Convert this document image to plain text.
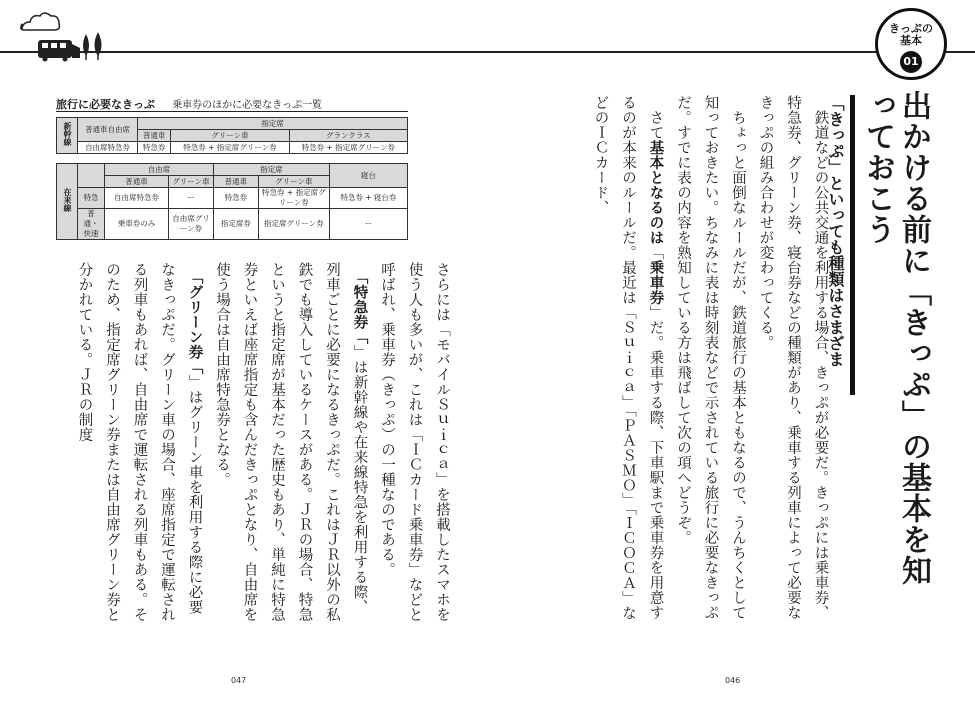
きっぷの
基本
01
出かける前に「きっぷ」の基本を知っておこう
「きっぷ」といっても種類はさまざま

　鉄道などの公共交通を利用する場合、きっぷが必要だ。きっぷには乗車券、特急券、グリーン券、寝台券などの種類があり、乗車する列車によって必要なきっぷの組み合わせが変わってくる。

　ちょっと面倒なルールだが、鉄道旅行の基本ともなるので、うんちくとして知っておきたい。ちなみに表は時刻表などで示されている旅行に必要なきっぷだ。すでに表の内容を熟知している方は飛ばして次の項へどうぞ。

　さて基本となるのは「乗車券」だ。乗車する際、下車駅まで乗車券を用意するのが本来のルールだ。最近は「Ｓｕｉｃａ」「ＰＡＳＭＯ」「ＩＣＯＣＡ」などのＩＣカード、

さらには「モバイルＳｕｉｃａ」を搭載したスマホを使う人も多いが、これは「ＩＣカード乗車券」などと呼ばれ、乗車券（きっぷ）の一種なのである。

　「特急券「」は新幹線や在来線特急を利用する際、列車ごとに必要になるきっぷだ。これはＪＲ以外の私鉄でも導入しているケースがある。ＪＲの場合、特急というと指定席が基本だった歴史もあり、単純に特急券といえば座席指定も含んだきっぷとなり、自由席を使う場合は自由席特急券となる。

　「グリーン券「」はグリーン車を利用する際に必要なきっぷだ。グリーン車の場合、座席指定で運転される列車もあれば、自由席で運転される列車もある。そのため、指定席グリーン券または自由席グリーン券と分かれている。ＪＲの制度

047	046
旅行に必要なきっぷ 乗車券のほかに必要なきっぷ一覧
新幹線	普通車自由席	指定席		
		普通車	グリーン車	グランクラス
	自由席特急券	特急券	特急券 + 指定席グリーン券	特急券 + 指定席グリーン券
在来線		自由席		指定席		寝台
		普通車	グリーン車	普通車	グリーン車	
	特急	自由席特急券	ー	特急券	特急券 + 指定席グリーン券	特急券 + 寝台券
	普通・快速	乗車券のみ	自由席グリーン券	指定席券	指定席グリーン券	ー
